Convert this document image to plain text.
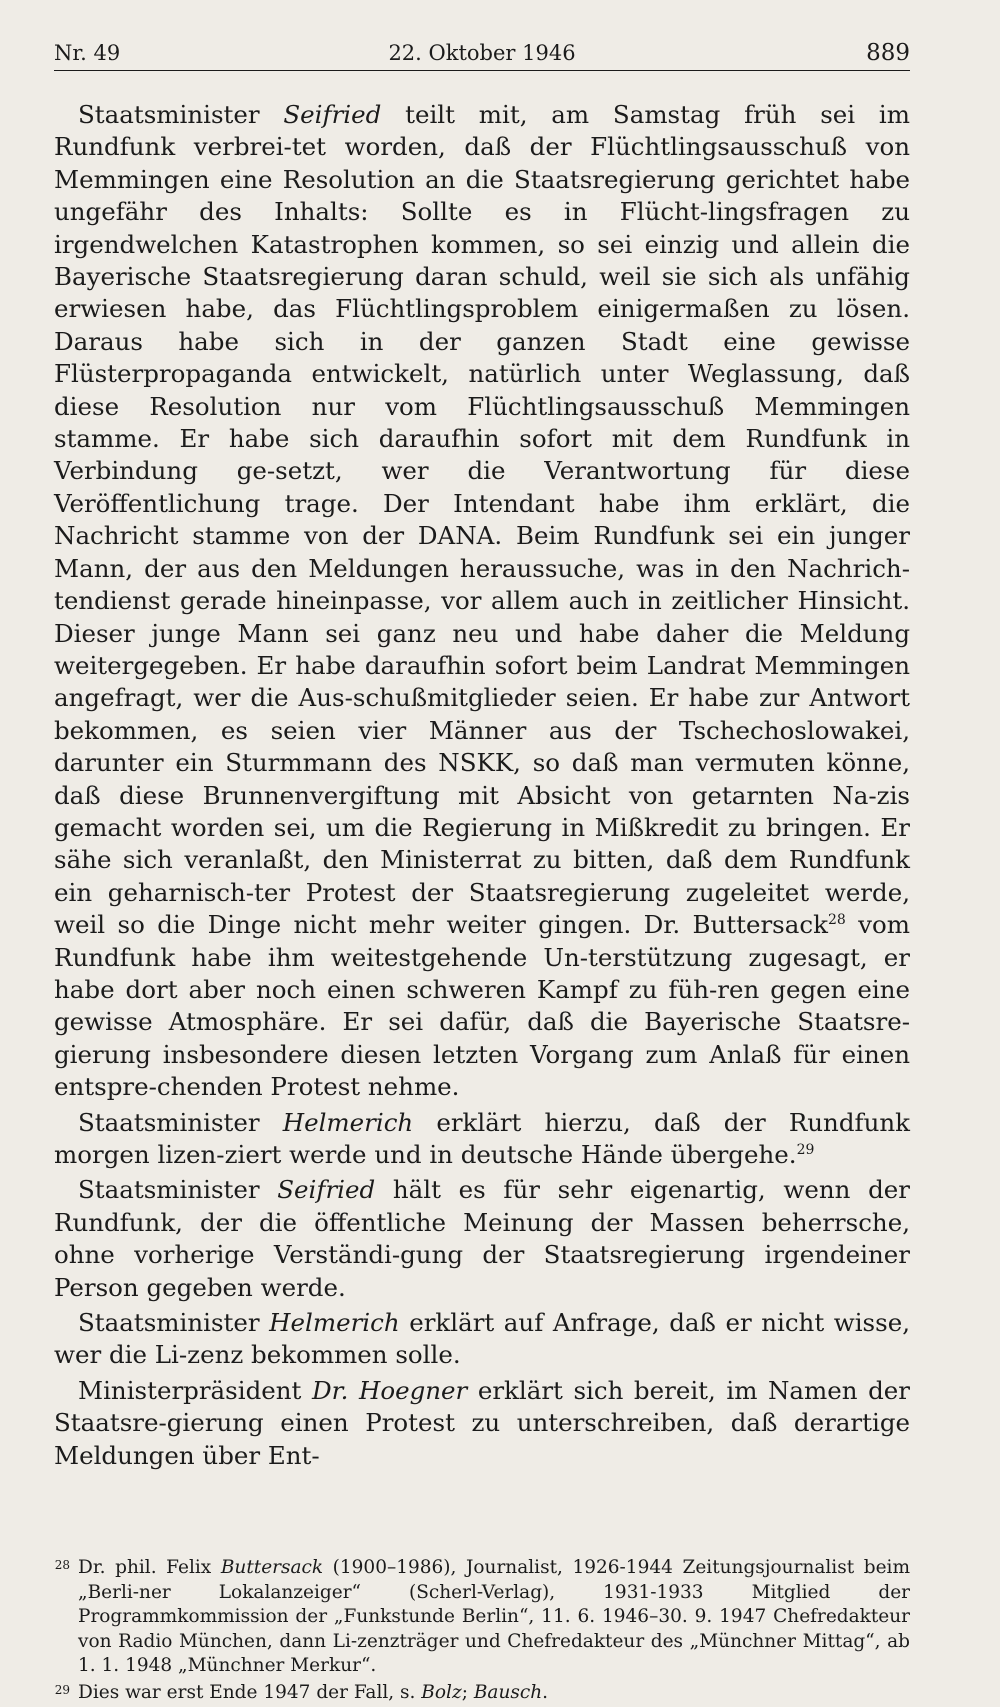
Nr. 49	22. Oktober 1946	889

Staatsminister Seifried teilt mit, am Samstag früh sei im Rundfunk verbrei-tet worden, daß der Flüchtlingsausschuß von Memmingen eine Resolution an die Staatsregierung gerichtet habe ungefähr des Inhalts: Sollte es in Flücht-lingsfragen zu irgendwelchen Katastrophen kommen, so sei einzig und allein die Bayerische Staatsregierung daran schuld, weil sie sich als unfähig erwiesen habe, das Flüchtlingsproblem einigermaßen zu lösen. Daraus habe sich in der ganzen Stadt eine gewisse Flüsterpropaganda entwickelt, natürlich unter Weglassung, daß diese Resolution nur vom Flüchtlingsausschuß Memmingen stamme. Er habe sich daraufhin sofort mit dem Rundfunk in Verbindung ge-setzt, wer die Verantwortung für diese Veröffentlichung trage. Der Intendant habe ihm erklärt, die Nachricht stamme von der DANA. Beim Rundfunk sei ein junger Mann, der aus den Meldungen heraussuche, was in den Nachrich-tendienst gerade hineinpasse, vor allem auch in zeitlicher Hinsicht. Dieser junge Mann sei ganz neu und habe daher die Meldung weitergegeben. Er habe daraufhin sofort beim Landrat Memmingen angefragt, wer die Aus-schußmitglieder seien. Er habe zur Antwort bekommen, es seien vier Männer aus der Tschechoslowakei, darunter ein Sturmmann des NSKK, so daß man vermuten könne, daß diese Brunnenvergiftung mit Absicht von getarnten Na-zis gemacht worden sei, um die Regierung in Mißkredit zu bringen. Er sähe sich veranlaßt, den Ministerrat zu bitten, daß dem Rundfunk ein geharnisch-ter Protest der Staatsregierung zugeleitet werde, weil so die Dinge nicht mehr weiter gingen. Dr. Buttersack$^{28}$ vom Rundfunk habe ihm weitestgehende Un-terstützung zugesagt, er habe dort aber noch einen schweren Kampf zu füh-ren gegen eine gewisse Atmosphäre. Er sei dafür, daß die Bayerische Staatsre-gierung insbesondere diesen letzten Vorgang zum Anlaß für einen entspre-chenden Protest nehme.

Staatsminister Helmerich erklärt hierzu, daß der Rundfunk morgen lizen-ziert werde und in deutsche Hände übergehe.$^{29}$

Staatsminister Seifried hält es für sehr eigenartig, wenn der Rundfunk, der die öffentliche Meinung der Massen beherrsche, ohne vorherige Verständi-gung der Staatsregierung irgendeiner Person gegeben werde.

Staatsminister Helmerich erklärt auf Anfrage, daß er nicht wisse, wer die Li-zenz bekommen solle.

Ministerpräsident Dr. Hoegner erklärt sich bereit, im Namen der Staatsre-gierung einen Protest zu unterschreiben, daß derartige Meldungen über Ent-

28 Dr. phil. Felix Buttersack (1900–1986), Journalist, 1926-1944 Zeitungsjournalist beim „Berli-ner Lokalanzeiger“ (Scherl-Verlag), 1931-1933 Mitglied der Programmkommission der „Funkstunde Berlin“, 11. 6. 1946–30. 9. 1947 Chefredakteur von Radio München, dann Li-zenzträger und Chefredakteur des „Münchner Mittag“, ab 1. 1. 1948 „Münchner Merkur“.
29 Dies war erst Ende 1947 der Fall, s. Bolz; Bausch.
